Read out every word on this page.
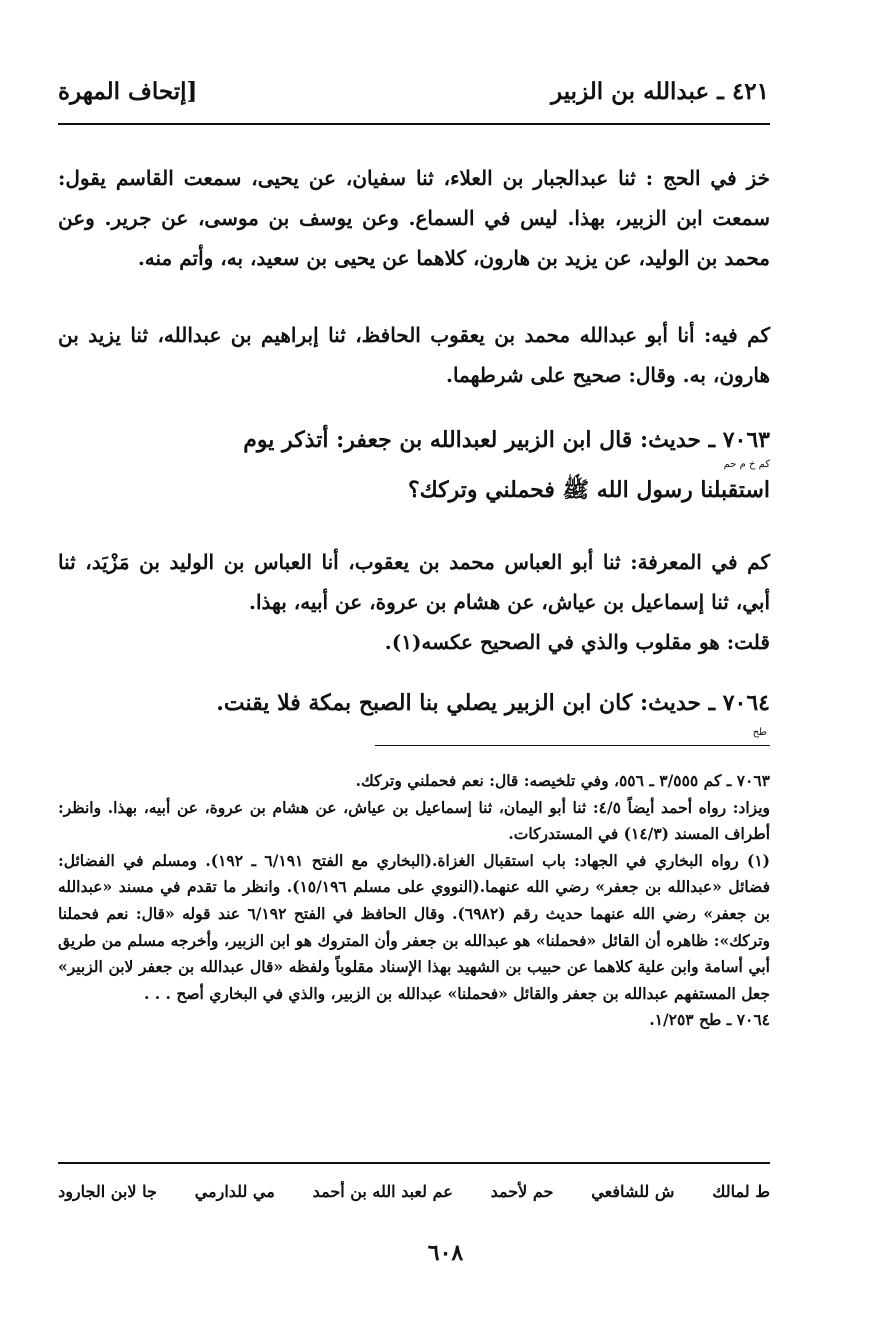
٤٢١ ـ عبدالله بن الزبير
[إتحاف المهرة
خز في الحج : ثنا عبدالجبار بن العلاء، ثنا سفيان، عن يحيى، سمعت القاسم يقول: سمعت ابن الزبير، بهذا. ليس في السماع. وعن يوسف بن موسى، عن جرير. وعن محمد بن الوليد، عن يزيد بن هارون، كلاهما عن يحيى بن سعيد، به، وأتم منه.
كم فيه: أنا أبو عبدالله محمد بن يعقوب الحافظ، ثنا إبراهيم بن عبدالله، ثنا يزيد بن هارون، به. وقال: صحيح على شرطهما.
٧٠٦٣ ـ حديث: قال ابن الزبير لعبدالله بن جعفر: أتذكر يوم
كم خ م حم
استقبلنا رسول الله ﷺ فحملني وتركك؟

كم في المعرفة: ثنا أبو العباس محمد بن يعقوب، أنا العباس بن الوليد بن مَزْيَد، ثنا أبي، ثنا إسماعيل بن عياش، عن هشام بن عروة، عن أبيه، بهذا.

قلت: هو مقلوب والذي في الصحيح عكسه(١).

٧٠٦٤ ـ حديث: كان ابن الزبير يصلي بنا الصبح بمكة فلا يقنت.
طح

٧٠٦٣ ـ كم ٣/٥٥٥ ـ ٥٥٦، وفي تلخيصه: قال: نعم فحملني وتركك.

ويزاد: رواه أحمد أيضاً ٤/٥: ثنا أبو اليمان، ثنا إسماعيل بن عياش، عن هشام بن عروة، عن أبيه، بهذا. وانظر: أطراف المسند (١٤/٣) في المستدركات.

(١) رواه البخاري في الجهاد: باب استقبال الغزاة.(البخاري مع الفتح ٦/١٩١ ـ ١٩٢). ومسلم في الفضائل: فضائل «عبدالله بن جعفر» رضي الله عنهما.(النووي على مسلم ١٥/١٩٦). وانظر ما تقدم في مسند «عبدالله بن جعفر» رضي الله عنهما حديث رقم (٦٩٨٢). وقال الحافظ في الفتح ٦/١٩٢ عند قوله «قال: نعم فحملنا وتركك»: ظاهره أن القائل «فحملنا» هو عبدالله بن جعفر وأن المتروك هو ابن الزبير، وأخرجه مسلم من طريق أبي أسامة وابن علية كلاهما عن حبيب بن الشهيد بهذا الإسناد مقلوباً ولفظه «قال عبدالله بن جعفر لابن الزبير» جعل المستفهم عبدالله بن جعفر والقائل «فحملنا» عبدالله بن الزبير، والذي في البخاري أصح . . .

٧٠٦٤ ـ طح ١/٢٥٣.

ط لمالك
ش للشافعي
حم لأحمد
عم لعبد الله بن أحمد
مي للدارمي
جا لابن الجارود
٦٠٨
